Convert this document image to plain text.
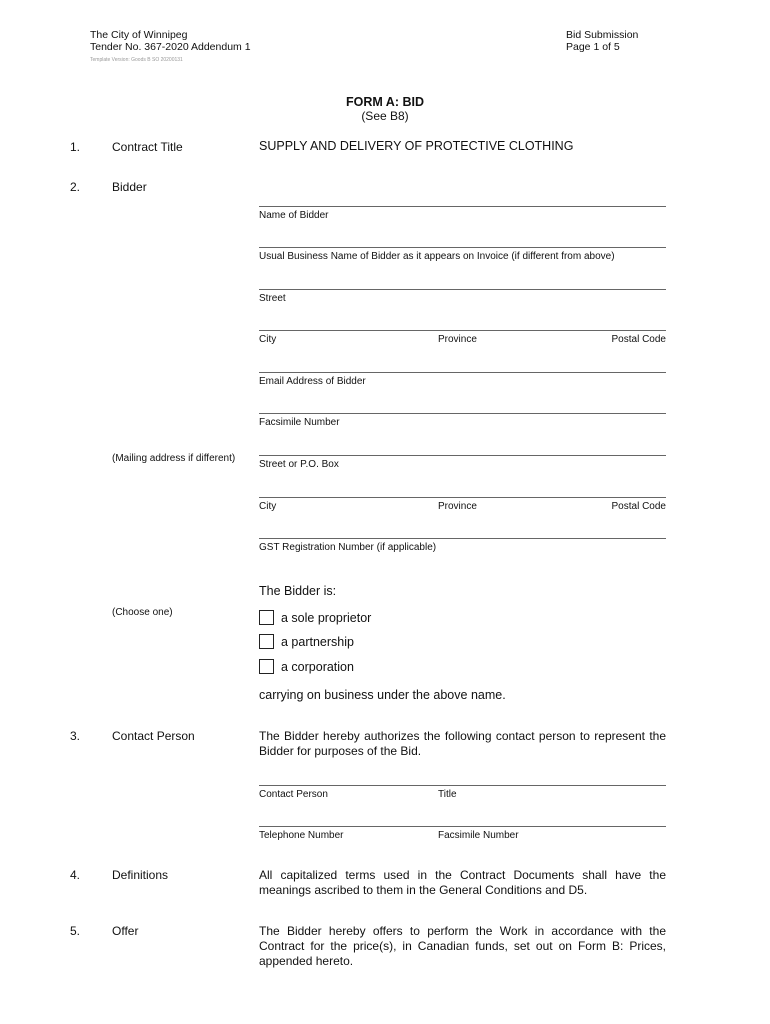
The City of Winnipeg
Tender No. 367-2020 Addendum 1
Template Version: Goods B SO 20200131
Bid Submission
Page 1 of 5
FORM A: BID
(See B8)
1.	Contract Title	SUPPLY AND DELIVERY OF PROTECTIVE CLOTHING
2.	Bidder
Name of Bidder
Usual Business Name of Bidder as it appears on Invoice (if different from above)
Street
City	Province	Postal Code
Email Address of Bidder
Facsimile Number
(Mailing address if different)
Street or P.O. Box
City	Province	Postal Code
GST Registration Number (if applicable)
The Bidder is:
(Choose one)	a sole proprietor
a partnership
a corporation
carrying on business under the above name.
3.	Contact Person	The Bidder hereby authorizes the following contact person to represent the Bidder for purposes of the Bid.
Contact Person	Title
Telephone Number	Facsimile Number
4.	Definitions	All capitalized terms used in the Contract Documents shall have the meanings ascribed to them in the General Conditions and D5.
5.	Offer	The Bidder hereby offers to perform the Work in accordance with the Contract for the price(s), in Canadian funds, set out on Form B: Prices, appended hereto.
